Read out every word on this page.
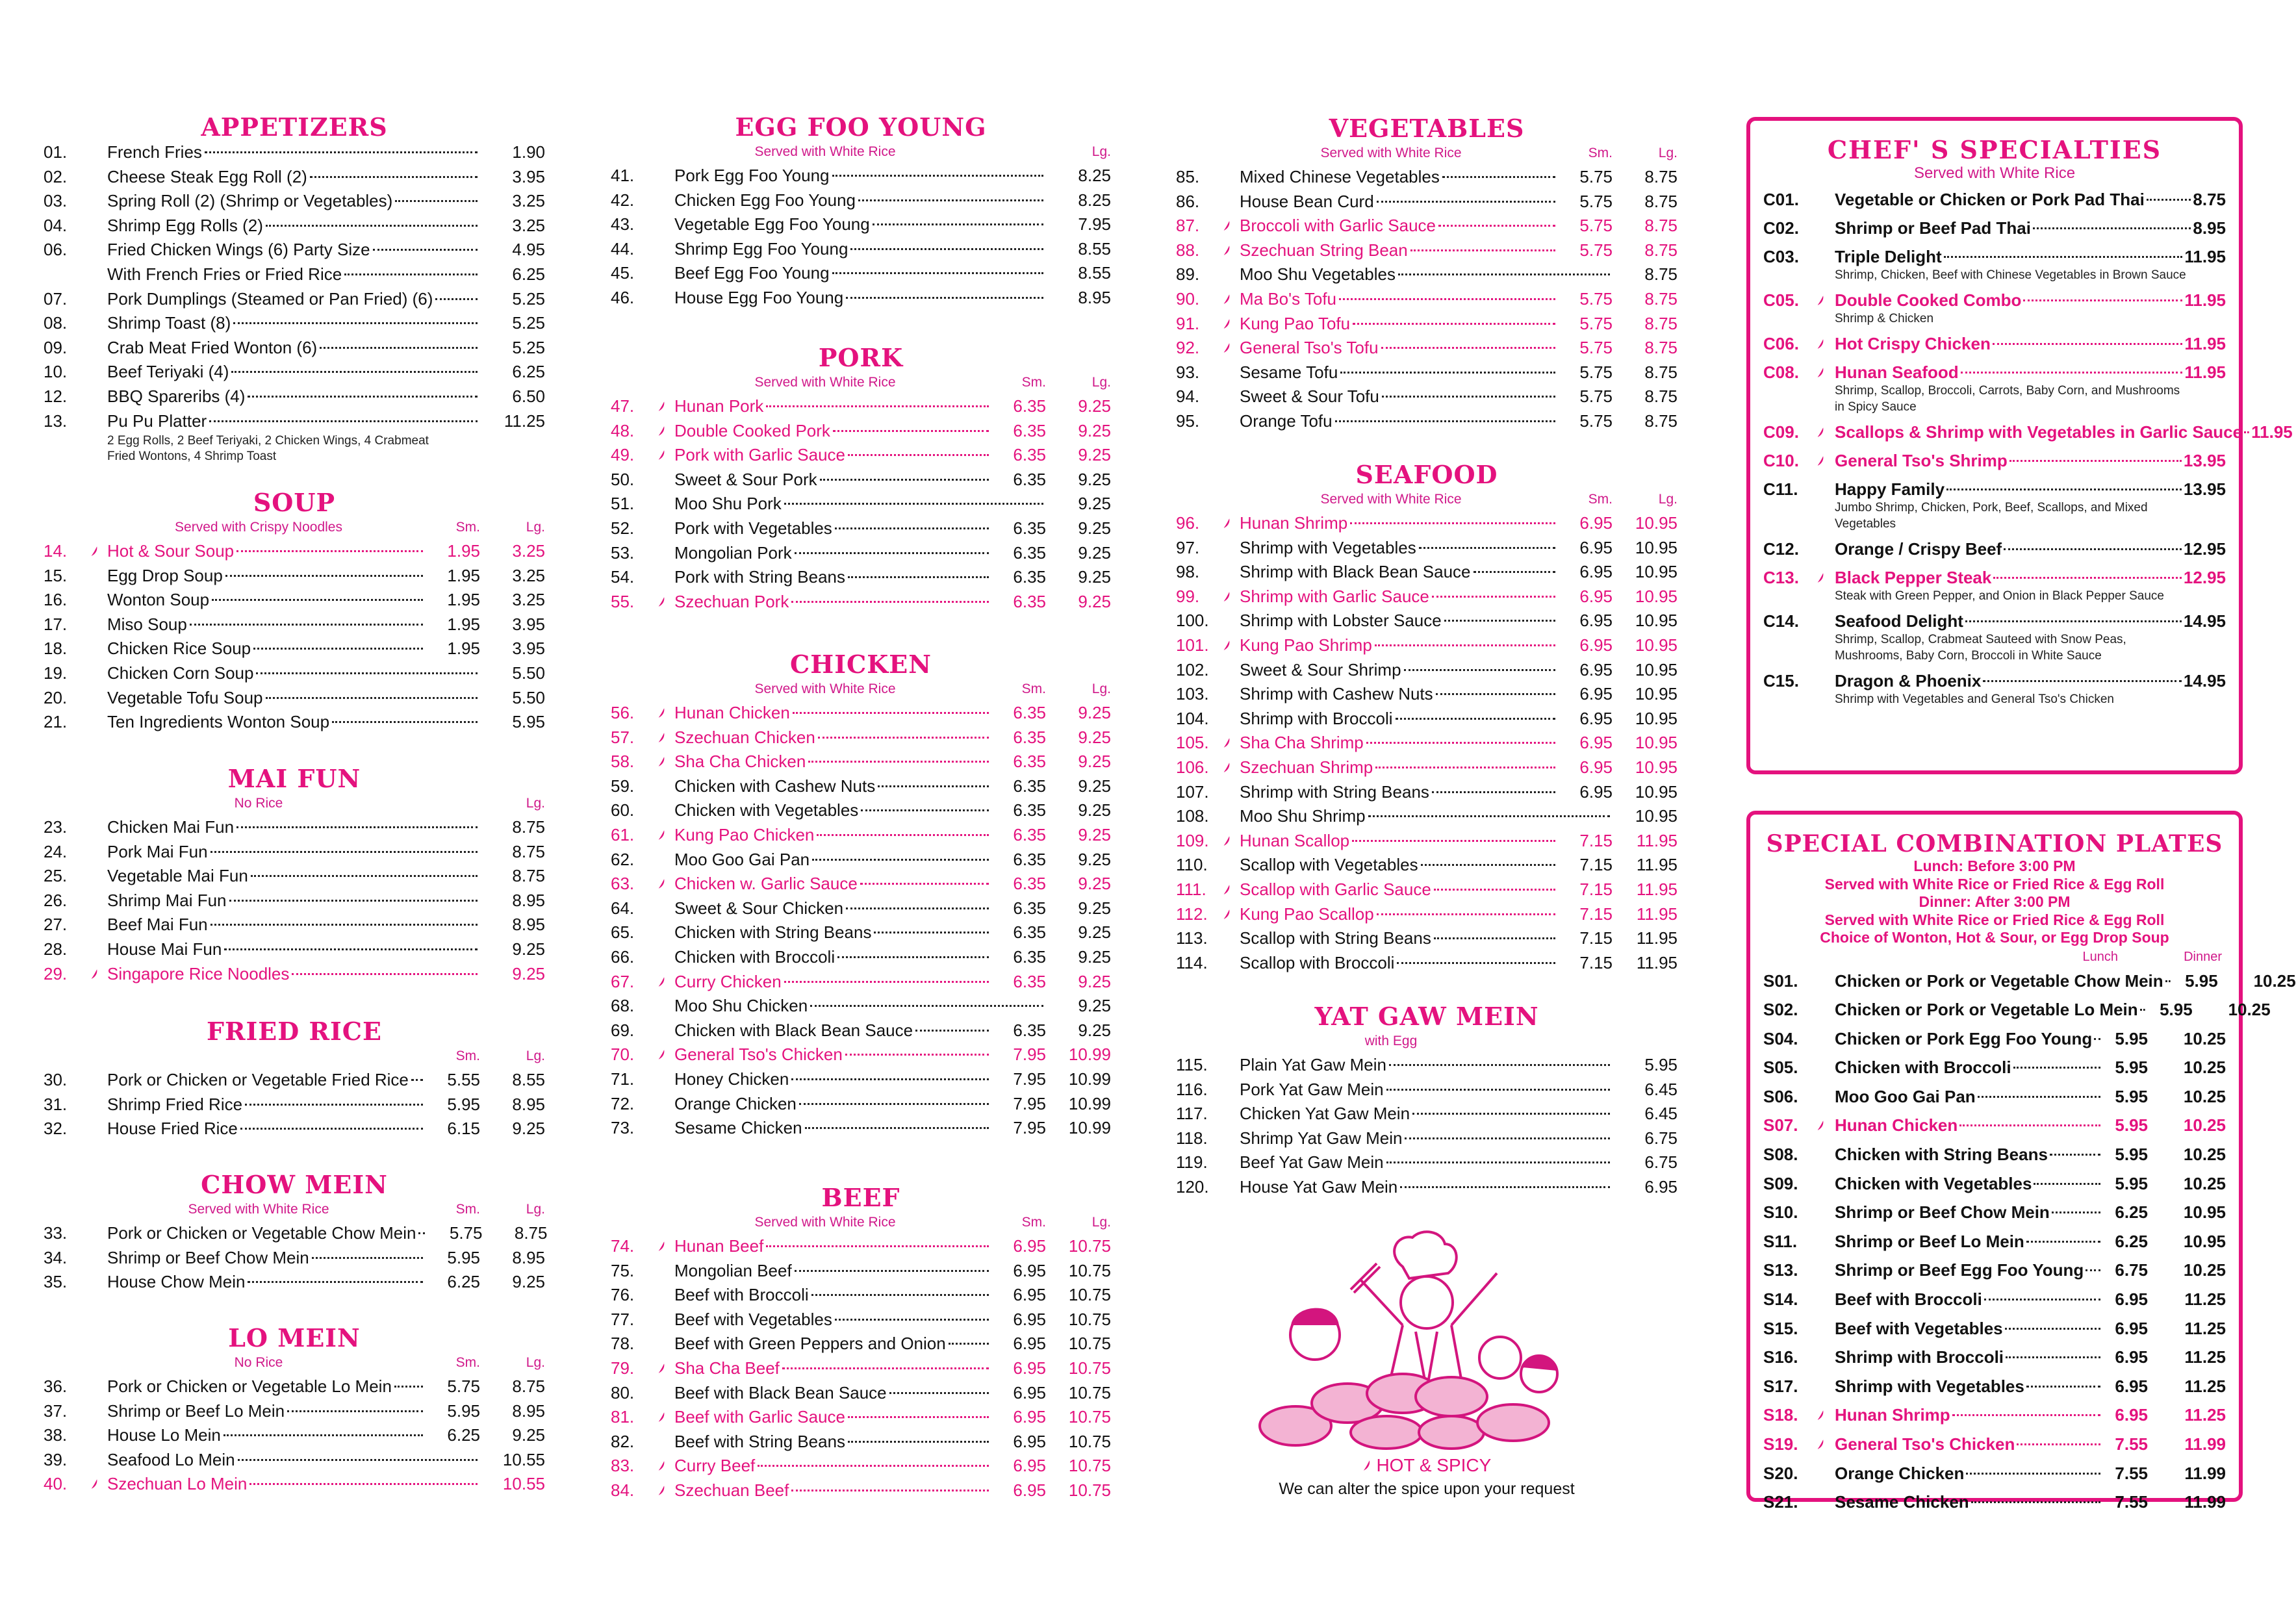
APPETIZERS
01.	French Fries	1.90
02.	Cheese Steak Egg Roll (2)	3.95
03.	Spring Roll (2) (Shrimp or Vegetables)	3.25
04.	Shrimp Egg Rolls (2)	3.25
06.	Fried Chicken Wings (6) Party Size	4.95
With French Fries or Fried Rice	6.25
07.	Pork Dumplings (Steamed or Pan Fried) (6)	5.25
08.	Shrimp Toast (8)	5.25
09.	Crab Meat Fried Wonton (6)	5.25
10.	Beef Teriyaki (4)	6.25
12.	BBQ Spareribs (4)	6.50
13.	Pu Pu Platter	11.25
2 Egg Rolls, 2 Beef Teriyaki, 2 Chicken Wings, 4 Crabmeat Fried Wontons, 4 Shrimp Toast
SOUP
Served with Crispy Noodles	Sm.	Lg.
14.	Hot & Sour Soup	1.95	3.25
15.	Egg Drop Soup	1.95	3.25
16.	Wonton Soup	1.95	3.25
17.	Miso Soup	1.95	3.95
18.	Chicken Rice Soup	1.95	3.95
19.	Chicken Corn Soup	5.50
20.	Vegetable Tofu Soup	5.50
21.	Ten Ingredients Wonton Soup	5.95
MAI FUN
No Rice	Lg.
23.	Chicken Mai Fun	8.75
24.	Pork Mai Fun	8.75
25.	Vegetable Mai Fun	8.75
26.	Shrimp Mai Fun	8.95
27.	Beef Mai Fun	8.95
28.	House Mai Fun	9.25
29.	Singapore Rice Noodles	9.25
FRIED RICE
Sm.	Lg.
30.	Pork or Chicken or Vegetable Fried Rice	5.55	8.55
31.	Shrimp Fried Rice	5.95	8.95
32.	House Fried Rice	6.15	9.25
CHOW MEIN
Served with White Rice	Sm.	Lg.
33.	Pork or Chicken or Vegetable Chow Mein	5.75	8.75
34.	Shrimp or Beef Chow Mein	5.95	8.95
35.	House Chow Mein	6.25	9.25
LO MEIN
No Rice	Sm.	Lg.
36.	Pork or Chicken or Vegetable Lo Mein	5.75	8.75
37.	Shrimp or Beef Lo Mein	5.95	8.95
38.	House Lo Mein	6.25	9.25
39.	Seafood Lo Mein	10.55
40.	Szechuan Lo Mein	10.55
EGG FOO YOUNG
Served with White Rice	Lg.
41.	Pork Egg Foo Young	8.25
42.	Chicken Egg Foo Young	8.25
43.	Vegetable Egg Foo Young	7.95
44.	Shrimp Egg Foo Young	8.55
45.	Beef Egg Foo Young	8.55
46.	House Egg Foo Young	8.95
PORK
Served with White Rice	Sm.	Lg.
47.	Hunan Pork	6.35	9.25
48.	Double Cooked Pork	6.35	9.25
49.	Pork with Garlic Sauce	6.35	9.25
50.	Sweet & Sour Pork	6.35	9.25
51.	Moo Shu Pork	9.25
52.	Pork with Vegetables	6.35	9.25
53.	Mongolian Pork	6.35	9.25
54.	Pork with String Beans	6.35	9.25
55.	Szechuan Pork	6.35	9.25
CHICKEN
Served with White Rice	Sm.	Lg.
56.	Hunan Chicken	6.35	9.25
57.	Szechuan Chicken	6.35	9.25
58.	Sha Cha Chicken	6.35	9.25
59.	Chicken with Cashew Nuts	6.35	9.25
60.	Chicken with Vegetables	6.35	9.25
61.	Kung Pao Chicken	6.35	9.25
62.	Moo Goo Gai Pan	6.35	9.25
63.	Chicken w. Garlic Sauce	6.35	9.25
64.	Sweet & Sour Chicken	6.35	9.25
65.	Chicken with String Beans	6.35	9.25
66.	Chicken with Broccoli	6.35	9.25
67.	Curry Chicken	6.35	9.25
68.	Moo Shu Chicken	9.25
69.	Chicken with Black Bean Sauce	6.35	9.25
70.	General Tso's Chicken	7.95	10.99
71.	Honey Chicken	7.95	10.99
72.	Orange Chicken	7.95	10.99
73.	Sesame Chicken	7.95	10.99
BEEF
Served with White Rice	Sm.	Lg.
74.	Hunan Beef	6.95	10.75
75.	Mongolian Beef	6.95	10.75
76.	Beef with Broccoli	6.95	10.75
77.	Beef with Vegetables	6.95	10.75
78.	Beef with Green Peppers and Onion	6.95	10.75
79.	Sha Cha Beef	6.95	10.75
80.	Beef with Black Bean Sauce	6.95	10.75
81.	Beef with Garlic Sauce	6.95	10.75
82.	Beef with String Beans	6.95	10.75
83.	Curry Beef	6.95	10.75
84.	Szechuan Beef	6.95	10.75
VEGETABLES
Served with White Rice	Sm.	Lg.
85.	Mixed Chinese Vegetables	5.75	8.75
86.	House Bean Curd	5.75	8.75
87.	Broccoli with Garlic Sauce	5.75	8.75
88.	Szechuan String Bean	5.75	8.75
89.	Moo Shu Vegetables	8.75
90.	Ma Bo's Tofu	5.75	8.75
91.	Kung Pao Tofu	5.75	8.75
92.	General Tso's Tofu	5.75	8.75
93.	Sesame Tofu	5.75	8.75
94.	Sweet & Sour Tofu	5.75	8.75
95.	Orange Tofu	5.75	8.75
SEAFOOD
Served with White Rice	Sm.	Lg.
96.	Hunan Shrimp	6.95	10.95
97.	Shrimp with Vegetables	6.95	10.95
98.	Shrimp with Black Bean Sauce	6.95	10.95
99.	Shrimp with Garlic Sauce	6.95	10.95
100.	Shrimp with Lobster Sauce	6.95	10.95
101.	Kung Pao Shrimp	6.95	10.95
102.	Sweet & Sour Shrimp	6.95	10.95
103.	Shrimp with Cashew Nuts	6.95	10.95
104.	Shrimp with Broccoli	6.95	10.95
105.	Sha Cha Shrimp	6.95	10.95
106.	Szechuan Shrimp	6.95	10.95
107.	Shrimp with String Beans	6.95	10.95
108.	Moo Shu Shrimp	10.95
109.	Hunan Scallop	7.15	11.95
110.	Scallop with Vegetables	7.15	11.95
111.	Scallop with Garlic Sauce	7.15	11.95
112.	Kung Pao Scallop	7.15	11.95
113.	Scallop with String Beans	7.15	11.95
114.	Scallop with Broccoli	7.15	11.95
YAT GAW MEIN
with Egg
115.	Plain Yat Gaw Mein	5.95
116.	Pork Yat Gaw Mein	6.45
117.	Chicken Yat Gaw Mein	6.45
118.	Shrimp Yat Gaw Mein	6.75
119.	Beef Yat Gaw Mein	6.75
120.	House Yat Gaw Mein	6.95
HOT & SPICY
We can alter the spice upon your request
CHEF' S SPECIALTIES
Served with White Rice
C01.	Vegetable or Chicken or Pork Pad Thai	8.75
C02.	Shrimp or Beef Pad Thai	8.95
C03.	Triple Delight	11.95
Shrimp, Chicken, Beef with Chinese Vegetables in Brown Sauce
C05.	Double Cooked Combo	11.95
Shrimp & Chicken
C06.	Hot Crispy Chicken	11.95
C08.	Hunan Seafood	11.95
Shrimp, Scallop, Broccoli, Carrots, Baby Corn, and Mushrooms in Spicy Sauce
C09.	Scallops & Shrimp with Vegetables in Garlic Sauce 11.95
C10.	General Tso's Shrimp	13.95
C11.	Happy Family	13.95
Jumbo Shrimp, Chicken, Pork, Beef, Scallops, and Mixed Vegetables
C12.	Orange / Crispy Beef	12.95
C13.	Black Pepper Steak	12.95
Steak with Green Pepper, and Onion in Black Pepper Sauce
C14.	Seafood Delight	14.95
Shrimp, Scallop, Crabmeat Sauteed with Snow Peas, Mushrooms, Baby Corn, Broccoli in White Sauce
C15.	Dragon & Phoenix	14.95
Shrimp with Vegetables and General Tso's Chicken
SPECIAL COMBINATION PLATES
Lunch: Before 3:00 PM
Served with White Rice or Fried Rice & Egg Roll
Dinner: After 3:00 PM
Served with White Rice or Fried Rice & Egg Roll
Choice of Wonton, Hot & Sour, or Egg Drop Soup
Lunch	Dinner
S01.	Chicken or Pork or Vegetable Chow Mein	5.95	10.25
S02.	Chicken or Pork or Vegetable Lo Mein	5.95	10.25
S04.	Chicken or Pork Egg Foo Young	5.95	10.25
S05.	Chicken with Broccoli	5.95	10.25
S06.	Moo Goo Gai Pan	5.95	10.25
S07.	Hunan Chicken	5.95	10.25
S08.	Chicken with String Beans	5.95	10.25
S09.	Chicken with Vegetables	5.95	10.25
S10.	Shrimp or Beef Chow Mein	6.25	10.95
S11.	Shrimp or Beef Lo Mein	6.25	10.95
S13.	Shrimp or Beef Egg Foo Young	6.75	10.25
S14.	Beef with Broccoli	6.95	11.25
S15.	Beef with Vegetables	6.95	11.25
S16.	Shrimp with Broccoli	6.95	11.25
S17.	Shrimp with Vegetables	6.95	11.25
S18.	Hunan Shrimp	6.95	11.25
S19.	General Tso's Chicken	7.55	11.99
S20.	Orange Chicken	7.55	11.99
S21.	Sesame Chicken	7.55	11.99
